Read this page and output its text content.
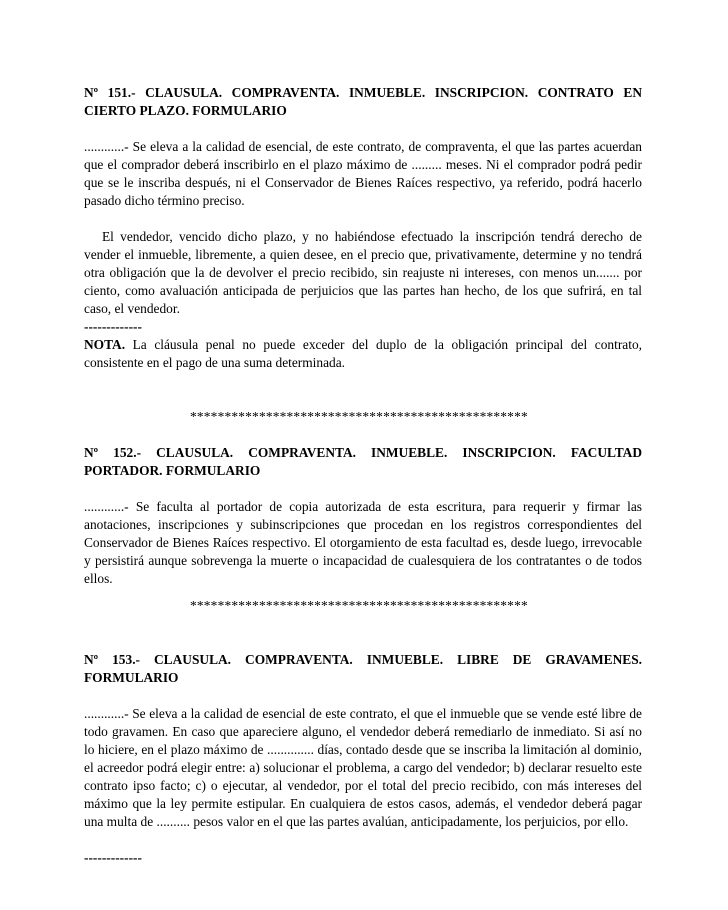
Nº 151.- CLAUSULA. COMPRAVENTA. INMUEBLE. INSCRIPCION. CONTRATO EN CIERTO PLAZO. FORMULARIO

............- Se eleva a la calidad de esencial, de este contrato, de compraventa, el que las partes acuerdan que el comprador deberá inscribirlo en el plazo máximo de ......... meses. Ni el comprador podrá pedir que se le inscriba después, ni el Conservador de Bienes Raíces respectivo, ya referido, podrá hacerlo pasado dicho término preciso.

El vendedor, vencido dicho plazo, y no habiéndose efectuado la inscripción tendrá derecho de vender el inmueble, libremente, a quien desee, en el precio que, privativamente, determine y no tendrá otra obligación que la de devolver el precio recibido, sin reajuste ni intereses, con menos un....... por ciento, como avaluación anticipada de perjuicios que las partes han hecho, de los que sufrirá, en tal caso, el vendedor.

-------------

NOTA. La cláusula penal no puede exceder del duplo de la obligación principal del contrato, consistente en el pago de una suma determinada.

*************************************************

Nº 152.- CLAUSULA. COMPRAVENTA. INMUEBLE. INSCRIPCION. FACULTAD PORTADOR. FORMULARIO

............- Se faculta al portador de copia autorizada de esta escritura, para requerir y firmar las anotaciones, inscripciones y subinscripciones que procedan en los registros correspondientes del Conservador de Bienes Raíces respectivo. El otorgamiento de esta facultad es, desde luego, irrevocable y persistirá aunque sobrevenga la muerte o incapacidad de cualesquiera de los contratantes o de todos ellos.

*************************************************

Nº 153.- CLAUSULA. COMPRAVENTA. INMUEBLE. LIBRE DE GRAVAMENES. FORMULARIO

............- Se eleva a la calidad de esencial de este contrato, el que el inmueble que se vende esté libre de todo gravamen. En caso que apareciere alguno, el vendedor deberá remediarlo de inmediato. Si así no lo hiciere, en el plazo máximo de .............. días, contado desde que se inscriba la limitación al dominio, el acreedor podrá elegir entre: a) solucionar el problema, a cargo del vendedor; b) declarar resuelto este contrato ipso facto; c) o ejecutar, al vendedor, por el total del precio recibido, con más intereses del máximo que la ley permite estipular. En cualquiera de estos casos, además, el vendedor deberá pagar una multa de .......... pesos valor en el que las partes avalúan, anticipadamente, los perjuicios, por ello.

-------------
